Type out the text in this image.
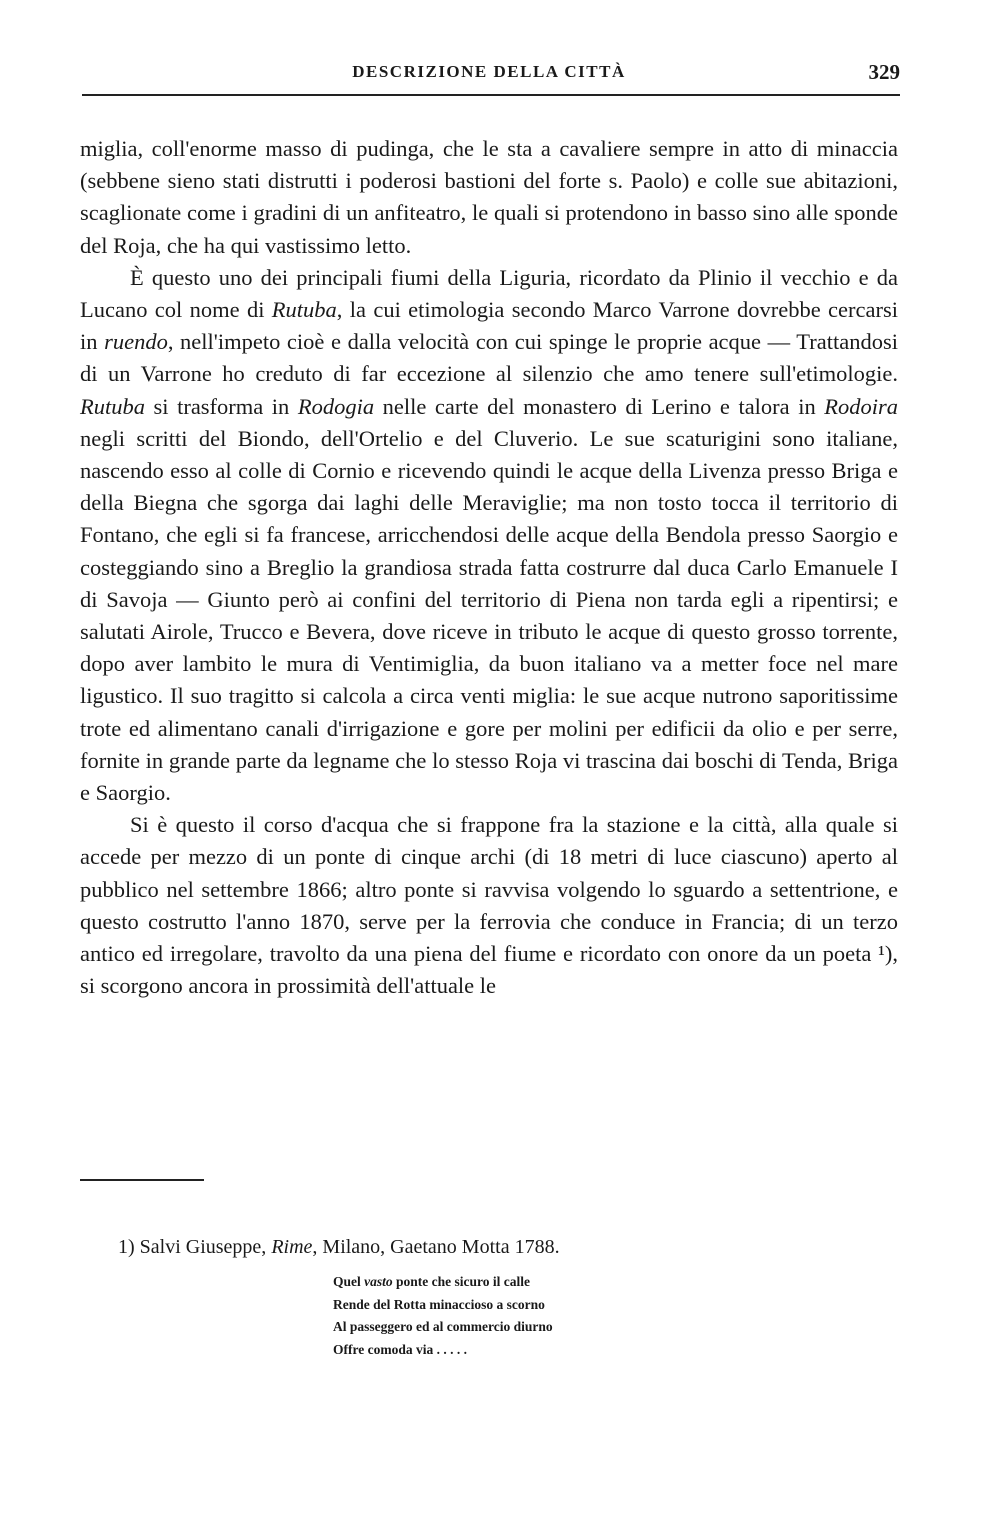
DESCRIZIONE DELLA CITTÀ	329

miglia, coll'enorme masso di pudinga, che le sta a cavaliere sempre in atto di minaccia (sebbene sieno stati distrutti i poderosi bastioni del forte s. Paolo) e colle sue abitazioni, scaglionate come i gradini di un anfiteatro, le quali si protendono in basso sino alle sponde del Roja, che ha qui vastissimo letto.

È questo uno dei principali fiumi della Liguria, ricordato da Plinio il vecchio e da Lucano col nome di Rutuba, la cui etimologia secondo Marco Varrone dovrebbe cercarsi in ruendo, nell'impeto cioè e dalla velocità con cui spinge le proprie acque — Trattandosi di un Varrone ho creduto di far eccezione al silenzio che amo tenere sull'etimologie. Rutuba si trasforma in Rodogia nelle carte del monastero di Lerino e talora in Rodoira negli scritti del Biondo, dell'Ortelio e del Cluverio. Le sue scaturigini sono italiane, nascendo esso al colle di Cornio e ricevendo quindi le acque della Livenza presso Briga e della Biegna che sgorga dai laghi delle Meraviglie; ma non tosto tocca il territorio di Fontano, che egli si fa francese, arricchendosi delle acque della Bendola presso Saorgio e costeggiando sino a Breglio la grandiosa strada fatta costrurre dal duca Carlo Emanuele I di Savoja — Giunto però ai confini del territorio di Piena non tarda egli a ripentirsi; e salutati Airole, Trucco e Bevera, dove riceve in tributo le acque di questo grosso torrente, dopo aver lambito le mura di Ventimiglia, da buon italiano va a metter foce nel mare ligustico. Il suo tragitto si calcola a circa venti miglia: le sue acque nutrono saporitissime trote ed alimentano canali d'irrigazione e gore per molini per edificii da olio e per serre, fornite in grande parte da legname che lo stesso Roja vi trascina dai boschi di Tenda, Briga e Saorgio.

Si è questo il corso d'acqua che si frappone fra la stazione e la città, alla quale si accede per mezzo di un ponte di cinque archi (di 18 metri di luce ciascuno) aperto al pubblico nel settembre 1866; altro ponte si ravvisa volgendo lo sguardo a settentrione, e questo costrutto l'anno 1870, serve per la ferrovia che conduce in Francia; di un terzo antico ed irregolare, travolto da una piena del fiume e ricordato con onore da un poeta ¹), si scorgono ancora in prossimità dell'attuale le

1) Salvi Giuseppe, Rime, Milano, Gaetano Motta 1788.
Quel vasto ponte che sicuro il calle
Rende del Rotta minaccioso a scorno
Al passeggero ed al commercio diurno
Offre comoda via . . . . .
